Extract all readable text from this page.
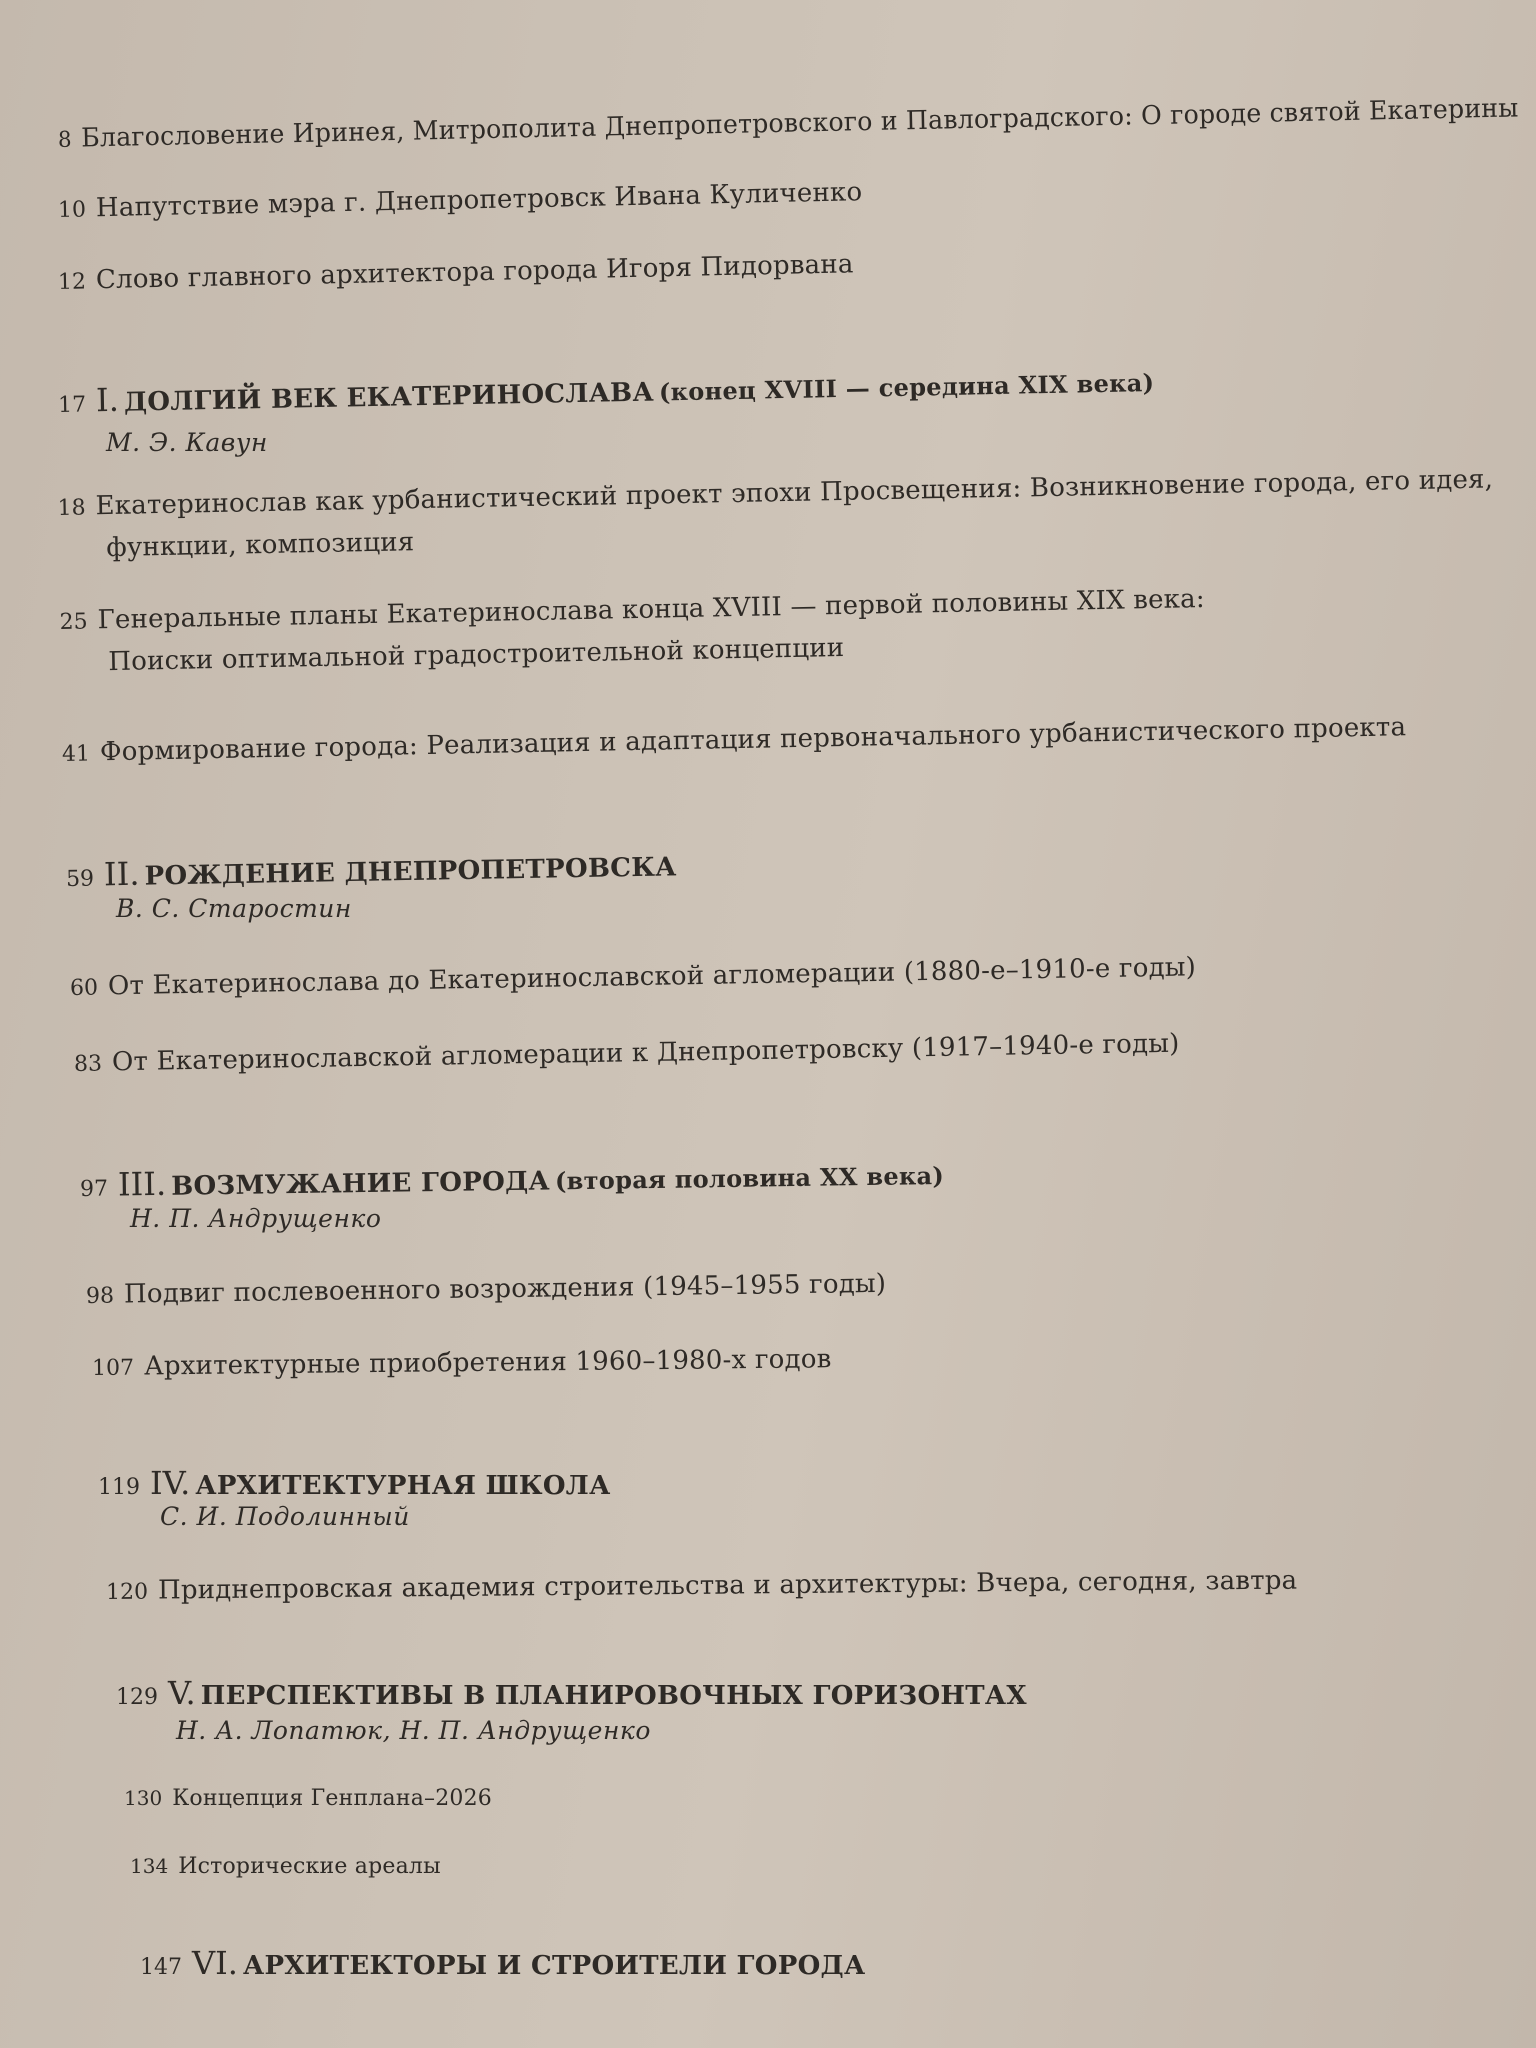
8 Благословение Иринея, Митрополита Днепропетровского и Павлоградского: О городе святой Екатерины
10 Напутствие мэра г. Днепропетровск Ивана Куличенко
12 Слово главного архитектора города Игоря Пидорвана
17 I. ДОЛГИЙ ВЕК ЕКАТЕРИНОСЛАВА (конец XVIII — середина XIX века)
М. Э. Кавун
18 Екатеринослав как урбанистический проект эпохи Просвещения: Возникновение города, его идея,
функции, композиция
25 Генеральные планы Екатеринослава конца XVIII — первой половины XIX века:
Поиски оптимальной градостроительной концепции
41 Формирование города: Реализация и адаптация первоначального урбанистического проекта
59 II. РОЖДЕНИЕ ДНЕПРОПЕТРОВСКА
В. С. Старостин
60 От Екатеринослава до Екатеринославской агломерации (1880-е–1910-е годы)
83 От Екатеринославской агломерации к Днепропетровску (1917–1940-е годы)
97 III. ВОЗМУЖАНИЕ ГОРОДА (вторая половина XX века)
Н. П. Андрущенко
98 Подвиг послевоенного возрождения (1945–1955 годы)
107 Архитектурные приобретения 1960–1980-х годов
119 IV. АРХИТЕКТУРНАЯ ШКОЛА
С. И. Подолинный
120 Приднепровская академия строительства и архитектуры: Вчера, сегодня, завтра
129 V. ПЕРСПЕКТИВЫ В ПЛАНИРОВОЧНЫХ ГОРИЗОНТАХ
Н. А. Лопатюк, Н. П. Андрущенко
130 Концепция Генплана–2026
134 Исторические ареалы
147 VI. АРХИТЕКТОРЫ И СТРОИТЕЛИ ГОРОДА
